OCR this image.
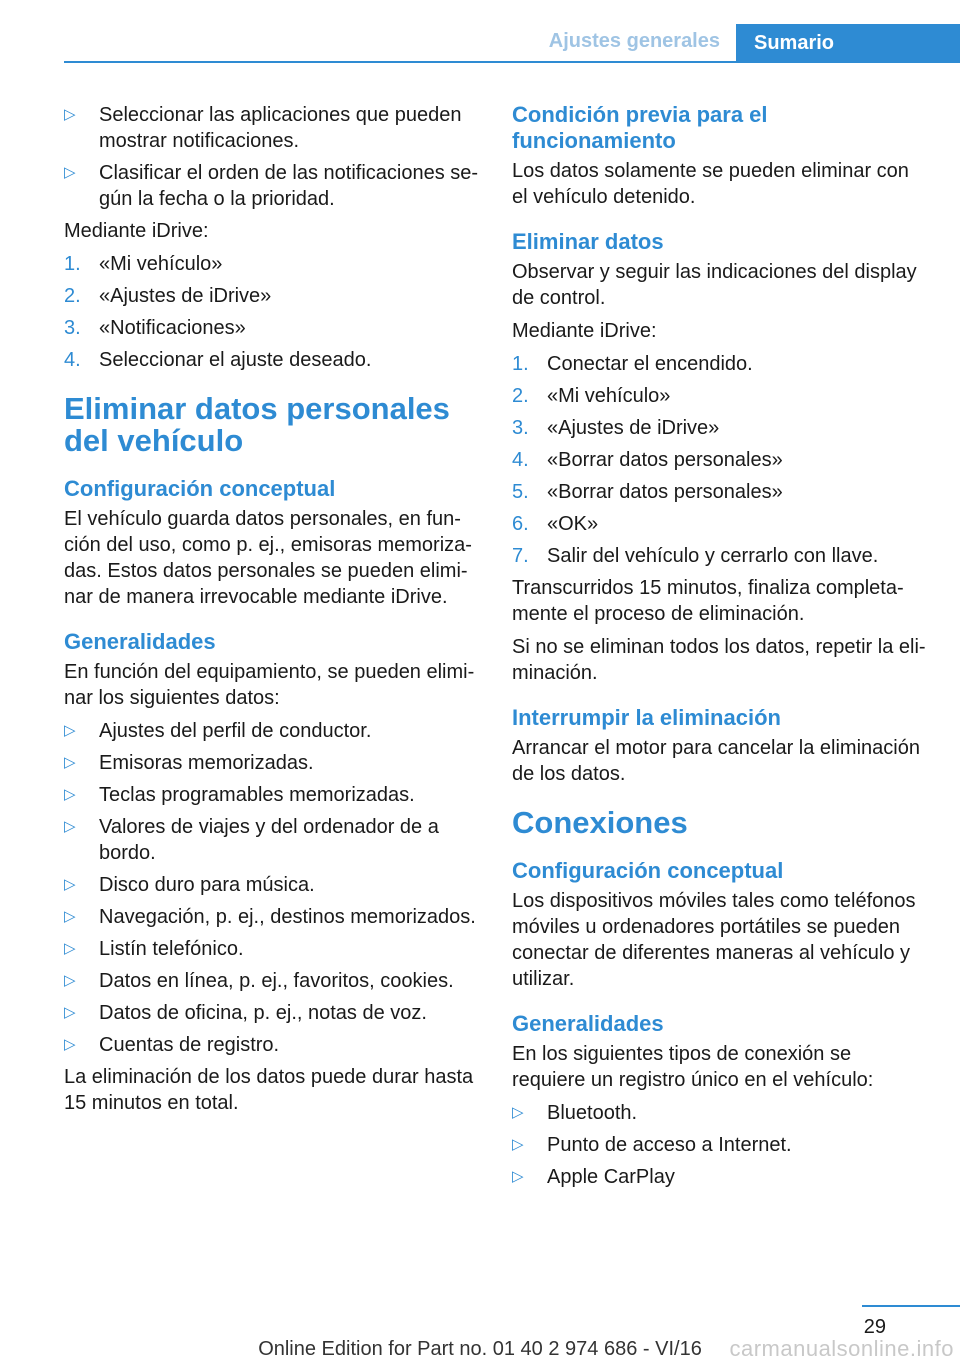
Ajustes generales	Sumario
▷ Seleccionar las aplicaciones que pueden mostrar notificaciones.
▷ Clasificar el orden de las notificaciones se-gún la fecha o la prioridad.

Mediante iDrive:

1. «Mi vehículo»
2. «Ajustes de iDrive»
3. «Notificaciones»
4. Seleccionar el ajuste deseado.
Eliminar datos personales del vehículo
Configuración conceptual

El vehículo guarda datos personales, en fun-ción del uso, como p. ej., emisoras memoriza-das. Estos datos personales se pueden elimi-nar de manera irrevocable mediante iDrive.

Generalidades

En función del equipamiento, se pueden elimi-nar los siguientes datos:

▷ Ajustes del perfil de conductor.
▷ Emisoras memorizadas.
▷ Teclas programables memorizadas.
▷ Valores de viajes y del ordenador de a bordo.
▷ Disco duro para música.
▷ Navegación, p. ej., destinos memorizados.
▷ Listín telefónico.
▷ Datos en línea, p. ej., favoritos, cookies.
▷ Datos de oficina, p. ej., notas de voz.
▷ Cuentas de registro.

La eliminación de los datos puede durar hasta 15 minutos en total.

Condición previa para el funcionamiento

Los datos solamente se pueden eliminar con el vehículo detenido.

Eliminar datos

Observar y seguir las indicaciones del display de control.

Mediante iDrive:

1. Conectar el encendido.
2. «Mi vehículo»
3. «Ajustes de iDrive»
4. «Borrar datos personales»
5. «Borrar datos personales»
6. «OK»
7. Salir del vehículo y cerrarlo con llave.

Transcurridos 15 minutos, finaliza completa-mente el proceso de eliminación.

Si no se eliminan todos los datos, repetir la eli-minación.

Interrumpir la eliminación

Arrancar el motor para cancelar la eliminación de los datos.

Conexiones
Configuración conceptual

Los dispositivos móviles tales como teléfonos móviles u ordenadores portátiles se pueden conectar de diferentes maneras al vehículo y utilizar.

Generalidades

En los siguientes tipos de conexión se requiere un registro único en el vehículo:

▷ Bluetooth.
▷ Punto de acceso a Internet.
▷ Apple CarPlay
29
Online Edition for Part no. 01 40 2 974 686 - VI/16	carmanualsonline.info
